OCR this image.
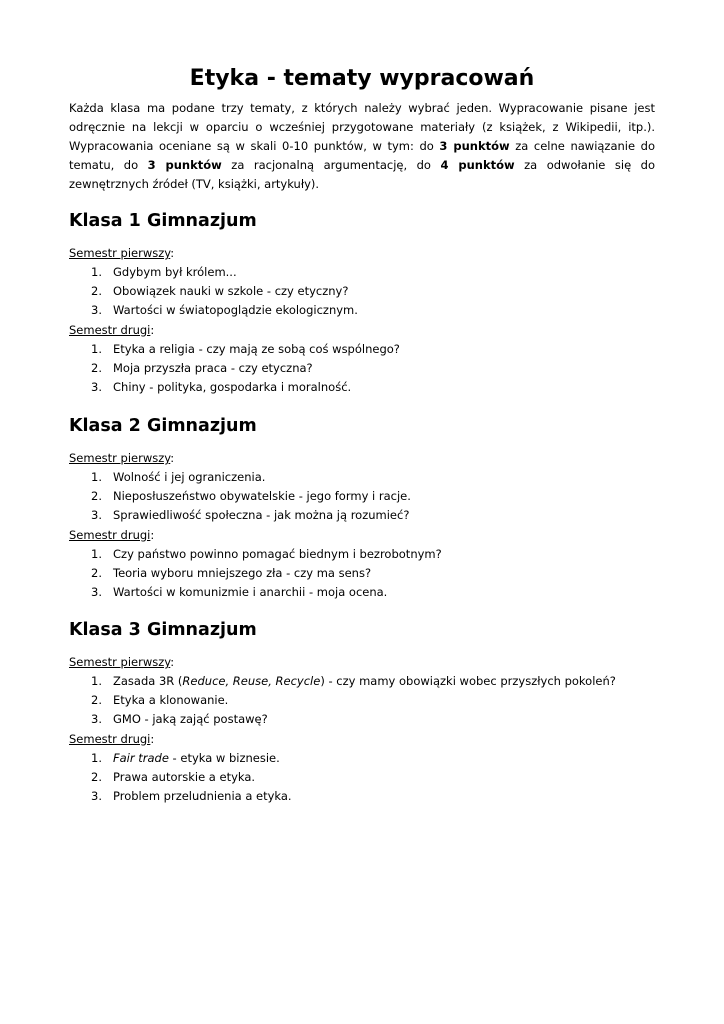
Etyka - tematy wypracowań

Każda klasa ma podane trzy tematy, z których należy wybrać jeden. Wypracowanie pisane jest odręcznie na lekcji w oparciu o wcześniej przygotowane materiały (z książek, z Wikipedii, itp.). Wypracowania oceniane są w skali 0-10 punktów, w tym: do 3 punktów za celne nawiązanie do tematu, do 3 punktów za racjonalną argumentację, do 4 punktów za odwołanie się do zewnętrznych źródeł (TV, książki, artykuły).

Klasa 1 Gimnazjum

Semestr pierwszy:

1. Gdybym był królem...
2. Obowiązek nauki w szkole - czy etyczny?
3. Wartości w światopoglądzie ekologicznym.

Semestr drugi:

1. Etyka a religia - czy mają ze sobą coś wspólnego?
2. Moja przyszła praca - czy etyczna?
3. Chiny - polityka, gospodarka i moralność.
Klasa 2 Gimnazjum

Semestr pierwszy:

1. Wolność i jej ograniczenia.
2. Nieposłuszeństwo obywatelskie - jego formy i racje.
3. Sprawiedliwość społeczna - jak można ją rozumieć?

Semestr drugi:

1. Czy państwo powinno pomagać biednym i bezrobotnym?
2. Teoria wyboru mniejszego zła - czy ma sens?
3. Wartości w komunizmie i anarchii - moja ocena.
Klasa 3 Gimnazjum

Semestr pierwszy:

1. Zasada 3R (Reduce, Reuse, Recycle) - czy mamy obowiązki wobec przyszłych pokoleń?
2. Etyka a klonowanie.
3. GMO - jaką zająć postawę?

Semestr drugi:

1. Fair trade - etyka w biznesie.
2. Prawa autorskie a etyka.
3. Problem przeludnienia a etyka.
